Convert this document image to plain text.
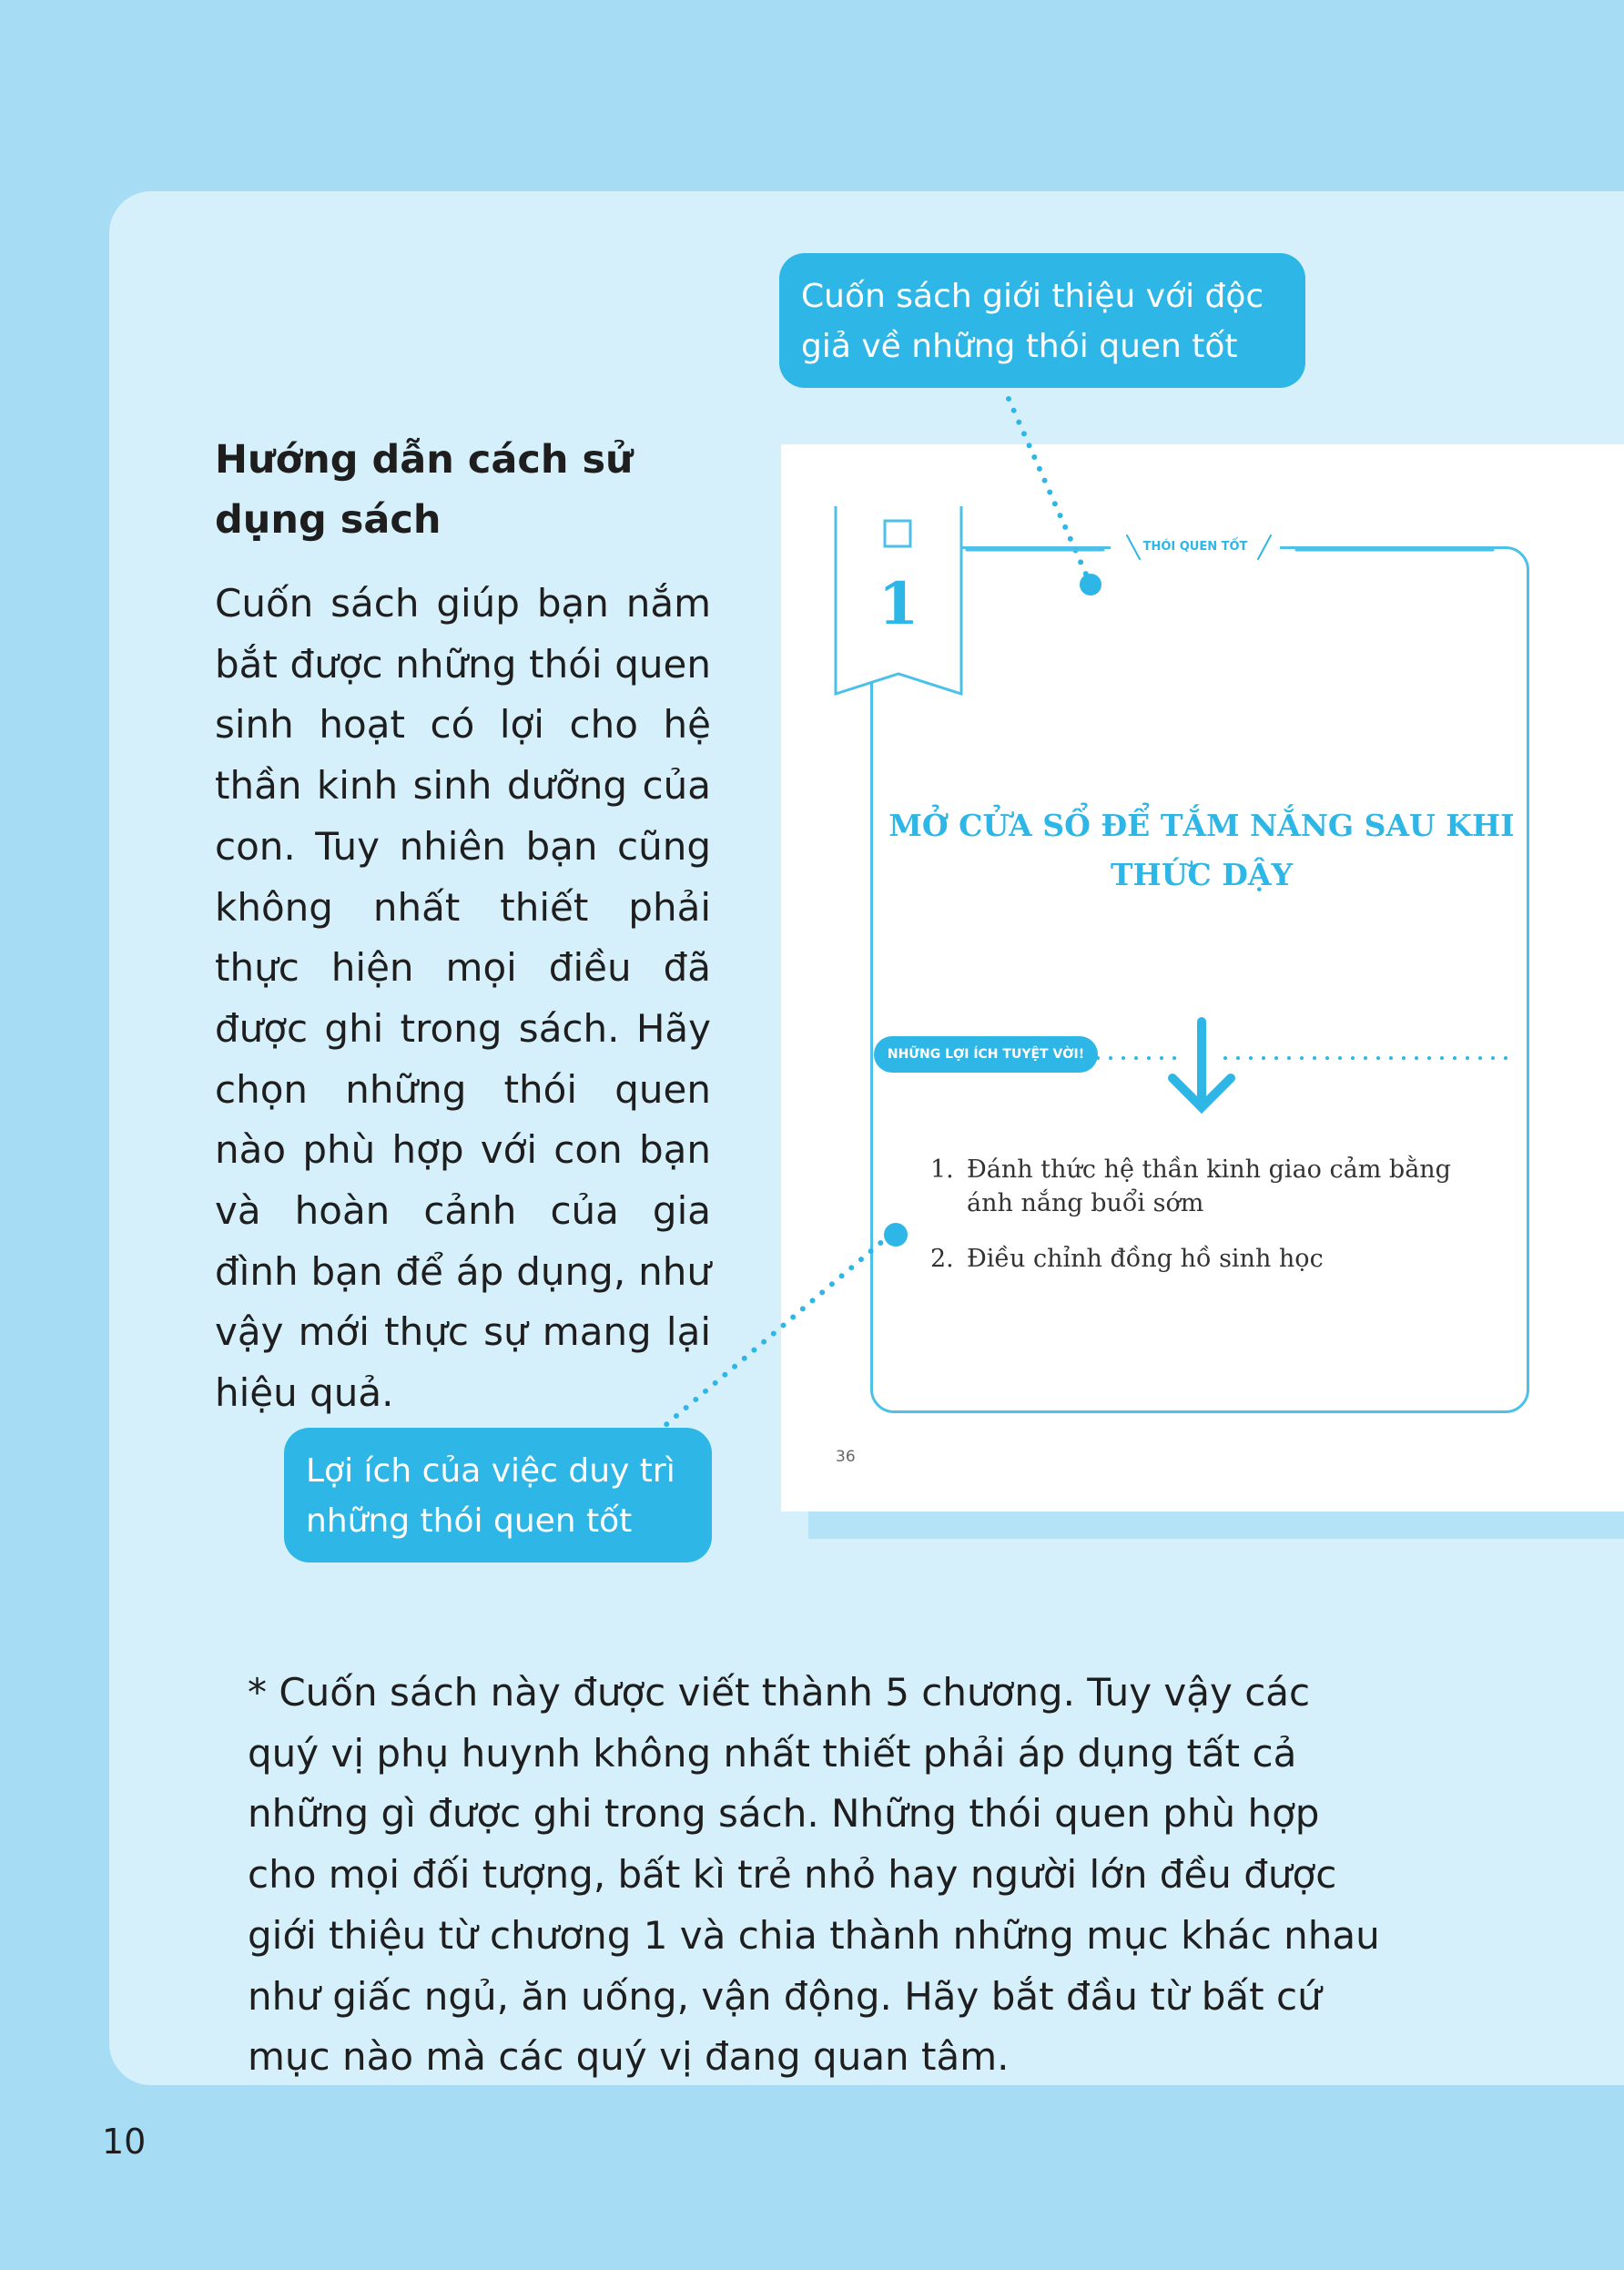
Hướng dẫn cách sử dụng sách

Cuốn sách giúp bạn nắm bắt được những thói quen sinh hoạt có lợi cho hệ thần kinh sinh dưỡng của con. Tuy nhiên bạn cũng không nhất thiết phải thực hiện mọi điều đã được ghi trong sách. Hãy chọn những thói quen nào phù hợp với con bạn và hoàn cảnh của gia đình bạn để áp dụng, như vậy mới thực sự mang lại hiệu quả.

1
THÓI QUEN TỐT
MỞ CỬA SỔ ĐỂ TẮM NẮNG SAU KHI THỨC DẬY
NHỮNG LỢI ÍCH TUYỆT VỜI!
1. Đánh thức hệ thần kinh giao cảm bằng ánh nắng buổi sớm
2. Điều chỉnh đồng hồ sinh học
36
Cuốn sách giới thiệu với độc giả về những thói quen tốt
Lợi ích của việc duy trì những thói quen tốt

* Cuốn sách này được viết thành 5 chương. Tuy vậy các quý vị phụ huynh không nhất thiết phải áp dụng tất cả những gì được ghi trong sách. Những thói quen phù hợp cho mọi đối tượng, bất kì trẻ nhỏ hay người lớn đều được giới thiệu từ chương 1 và chia thành những mục khác nhau như giấc ngủ, ăn uống, vận động. Hãy bắt đầu từ bất cứ mục nào mà các quý vị đang quan tâm.

10
